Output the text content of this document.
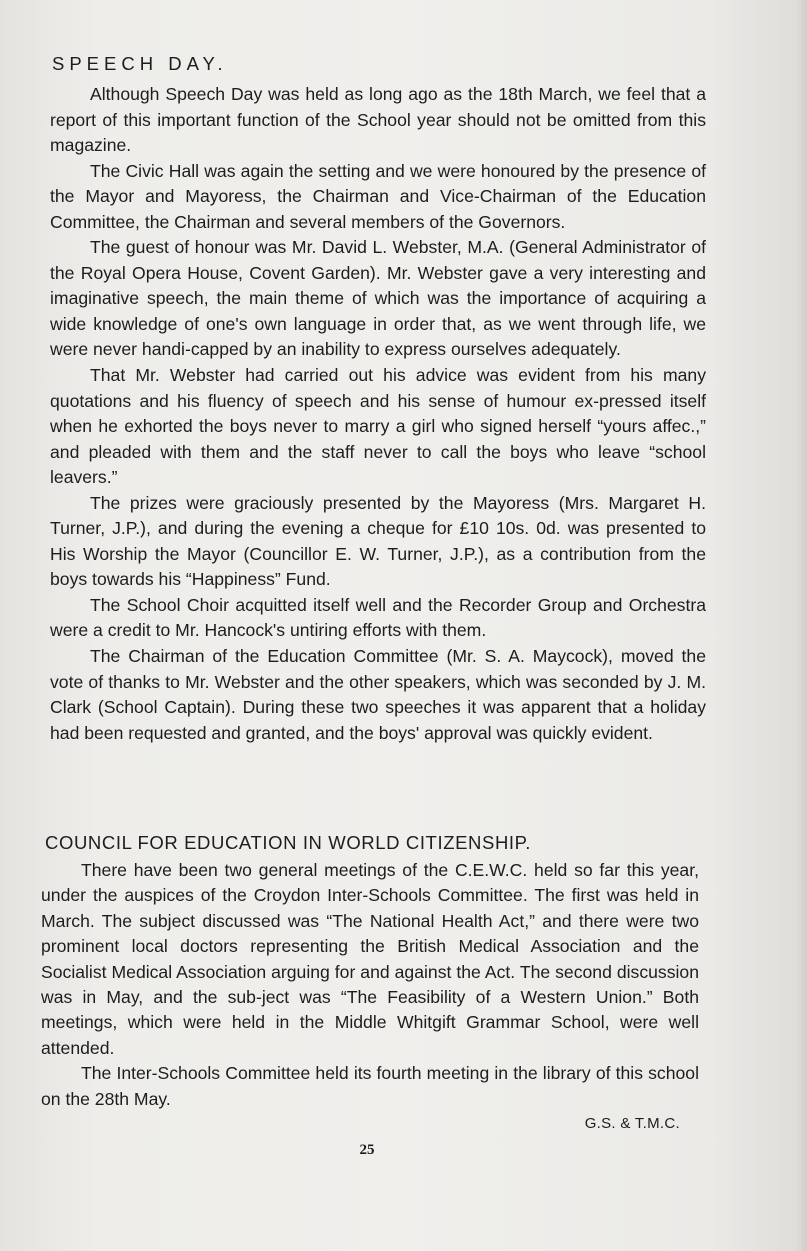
SPEECH DAY.

Although Speech Day was held as long ago as the 18th March, we feel that a report of this important function of the School year should not be omitted from this magazine.

The Civic Hall was again the setting and we were honoured by the presence of the Mayor and Mayoress, the Chairman and Vice-Chairman of the Education Committee, the Chairman and several members of the Governors.

The guest of honour was Mr. David L. Webster, M.A. (General Administrator of the Royal Opera House, Covent Garden). Mr. Webster gave a very interesting and imaginative speech, the main theme of which was the importance of acquiring a wide knowledge of one's own language in order that, as we went through life, we were never handi-capped by an inability to express ourselves adequately.

That Mr. Webster had carried out his advice was evident from his many quotations and his fluency of speech and his sense of humour ex-pressed itself when he exhorted the boys never to marry a girl who signed herself “yours affec.,” and pleaded with them and the staff never to call the boys who leave “school leavers.”

The prizes were graciously presented by the Mayoress (Mrs. Margaret H. Turner, J.P.), and during the evening a cheque for £10 10s. 0d. was presented to His Worship the Mayor (Councillor E. W. Turner, J.P.), as a contribution from the boys towards his “Happiness” Fund.

The School Choir acquitted itself well and the Recorder Group and Orchestra were a credit to Mr. Hancock's untiring efforts with them.

The Chairman of the Education Committee (Mr. S. A. Maycock), moved the vote of thanks to Mr. Webster and the other speakers, which was seconded by J. M. Clark (School Captain). During these two speeches it was apparent that a holiday had been requested and granted, and the boys' approval was quickly evident.

COUNCIL FOR EDUCATION IN WORLD CITIZENSHIP.

There have been two general meetings of the C.E.W.C. held so far this year, under the auspices of the Croydon Inter-Schools Committee. The first was held in March. The subject discussed was “The National Health Act,” and there were two prominent local doctors representing the British Medical Association and the Socialist Medical Association arguing for and against the Act. The second discussion was in May, and the sub-ject was “The Feasibility of a Western Union.” Both meetings, which were held in the Middle Whitgift Grammar School, were well attended.

The Inter-Schools Committee held its fourth meeting in the library of this school on the 28th May.

G.S. & T.M.C.
25
